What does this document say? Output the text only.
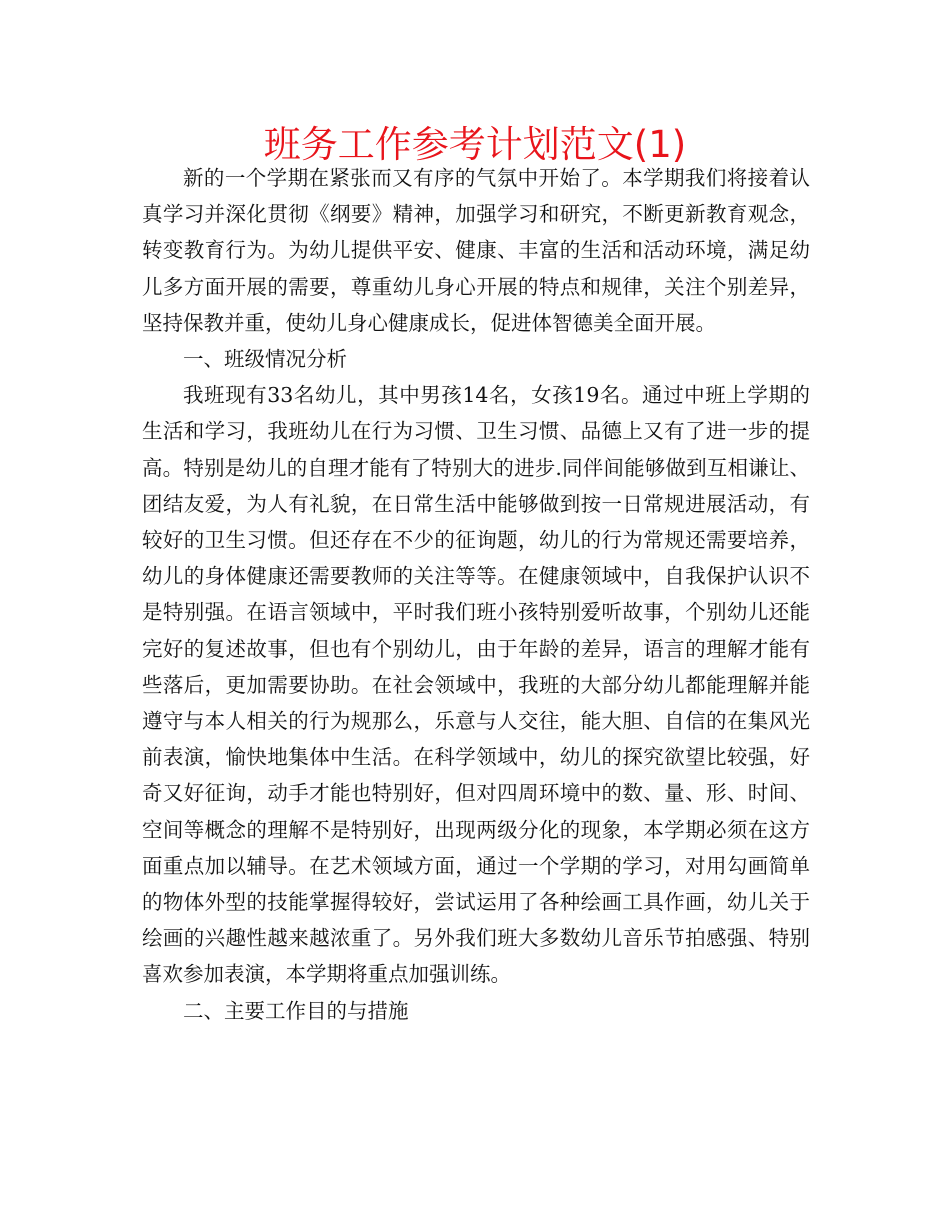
班务工作参考计划范文(1)

新的一个学期在紧张而又有序的气氛中开始了。本学期我们将接着认真学习并深化贯彻《纲要》精神，加强学习和研究，不断更新教育观念，转变教育行为。为幼儿提供平安、健康、丰富的生活和活动环境，满足幼儿多方面开展的需要，尊重幼儿身心开展的特点和规律，关注个别差异，坚持保教并重，使幼儿身心健康成长，促进体智德美全面开展。

一、班级情况分析

我班现有33名幼儿，其中男孩14名，女孩19名。通过中班上学期的生活和学习，我班幼儿在行为习惯、卫生习惯、品德上又有了进一步的提高。特别是幼儿的自理才能有了特别大的进步.同伴间能够做到互相谦让、团结友爱，为人有礼貌，在日常生活中能够做到按一日常规进展活动，有较好的卫生习惯。但还存在不少的征询题，幼儿的行为常规还需要培养，幼儿的身体健康还需要教师的关注等等。在健康领域中，自我保护认识不是特别强。在语言领域中，平时我们班小孩特别爱听故事，个别幼儿还能完好的复述故事，但也有个别幼儿，由于年龄的差异，语言的理解才能有些落后，更加需要协助。在社会领域中，我班的大部分幼儿都能理解并能遵守与本人相关的行为规那么，乐意与人交往，能大胆、自信的在集风光前表演，愉快地集体中生活。在科学领域中，幼儿的探究欲望比较强，好奇又好征询，动手才能也特别好，但对四周环境中的数、量、形、时间、空间等概念的理解不是特别好，出现两级分化的现象，本学期必须在这方面重点加以辅导。在艺术领域方面，通过一个学期的学习，对用勾画简单的物体外型的技能掌握得较好，尝试运用了各种绘画工具作画，幼儿关于绘画的兴趣性越来越浓重了。另外我们班大多数幼儿音乐节拍感强、特别喜欢参加表演，本学期将重点加强训练。

二、主要工作目的与措施
